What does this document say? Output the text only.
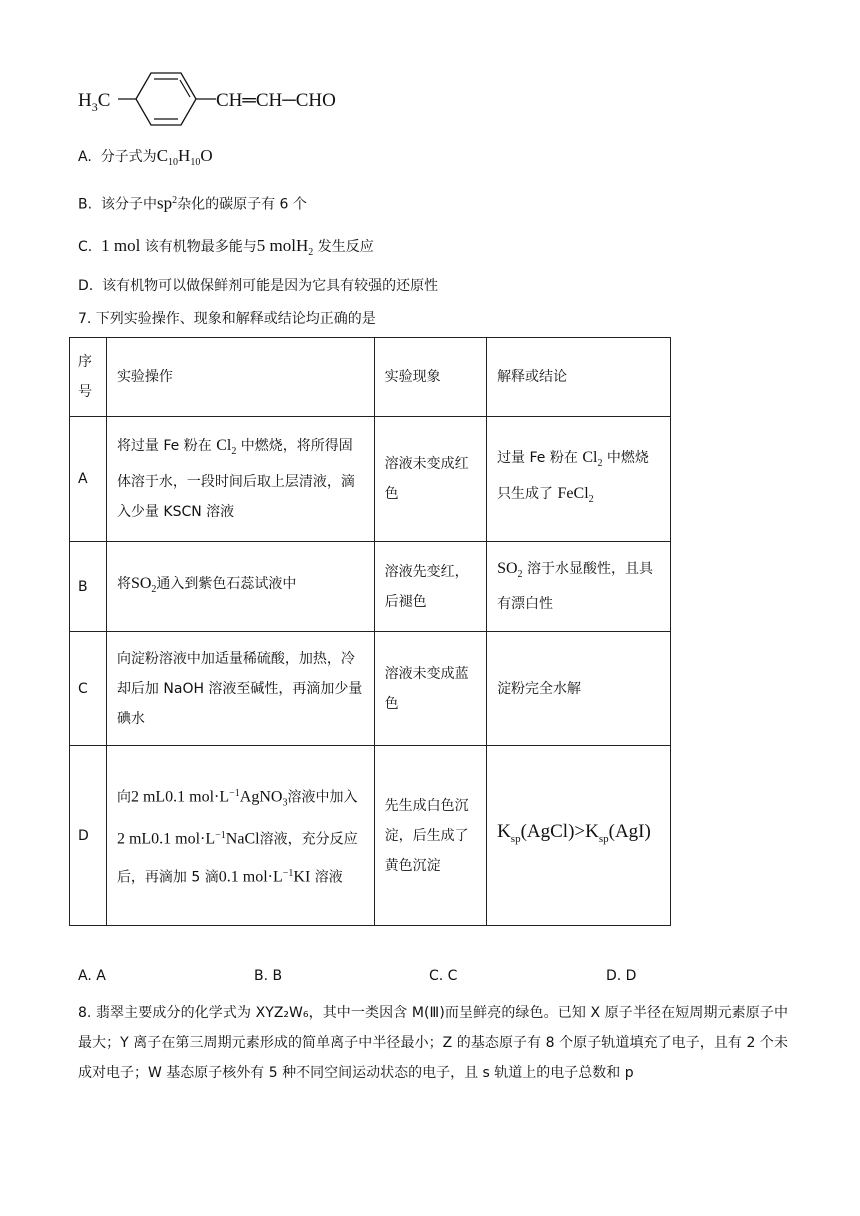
$H_3C$	CH═CH─CHO
A. 分子式为$C_{10}H_{10}O$
B. 该分子中$sp^2$杂化的碳原子有 6 个
C. 1 mol 该有机物最多能与5 molH$_2$ 发生反应
D. 该有机物可以做保鲜剂可能是因为它具有较强的还原性
7. 下列实验操作、现象和解释或结论均正确的是
序
号	实验操作	实验现象	解释或结论
A	将过量 Fe 粉在 $Cl_2$ 中燃烧，将所得固体溶于水，一段时间后取上层清液，滴入少量 KSCN 溶液	溶液未变成红色	过量 Fe 粉在 $Cl_2$ 中燃烧只生成了 FeCl$_2$
B	将$SO_2$通入到紫色石蕊试液中	溶液先变红，后褪色	$SO_2$ 溶于水显酸性，且具有漂白性
C	向淀粉溶液中加适量稀硫酸，加热，冷却后加 NaOH 溶液至碱性，再滴加少量碘水	溶液未变成蓝色	淀粉完全水解
D	向2 mL0.1 $mol\cdot L^{-1}AgNO_3$溶液中加入2 mL0.1 $mol\cdot L^{-1}NaCl$溶液，充分反应后，再滴加 5 滴0.1 $mol\cdot L^{-1}KI$ 溶液	先生成白色沉淀，后生成了黄色沉淀	$K_{sp}(AgCl)>K_{sp}(AgI)$
A. A	B. B	C. C	D. D
8. 翡翠主要成分的化学式为 XYZ₂W₆，其中一类因含 M(Ⅲ)而呈鲜亮的绿色。已知 X 原子半径在短周期元素原子中最大；Y 离子在第三周期元素形成的简单离子中半径最小；Z 的基态原子有 8 个原子轨道填充了电子，且有 2 个未成对电子；W 基态原子核外有 5 种不同空间运动状态的电子，且 s 轨道上的电子总数和 p
